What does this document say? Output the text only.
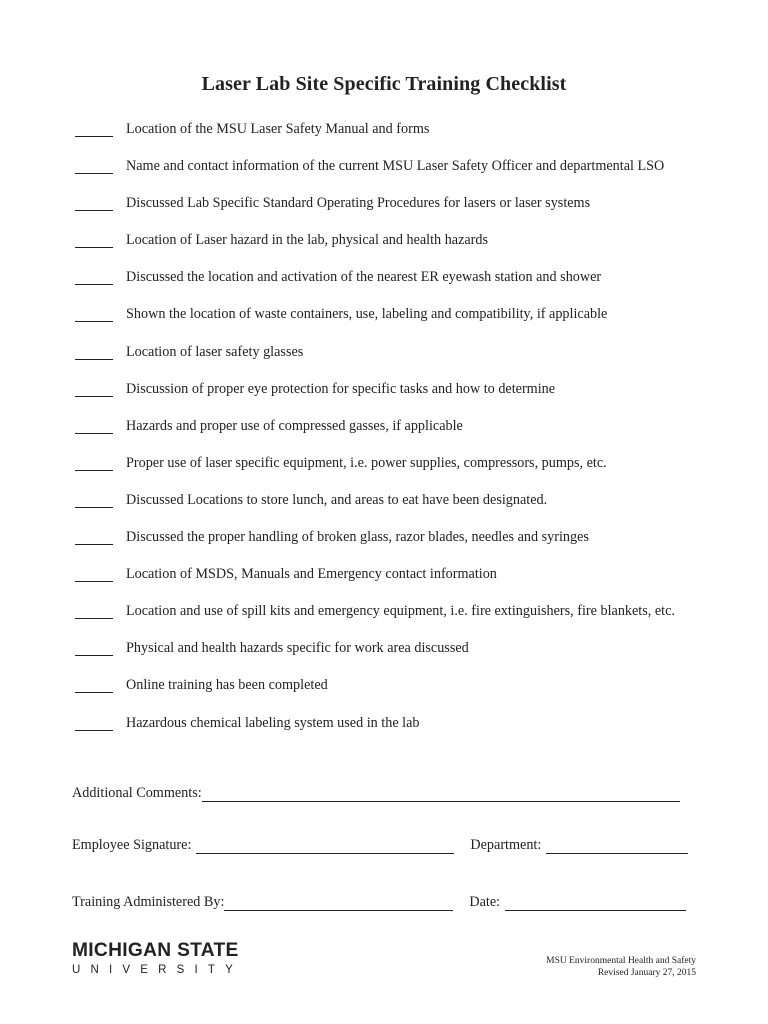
Laser Lab Site Specific Training Checklist
Location of the MSU Laser Safety Manual and forms
Name and contact information of the current MSU Laser Safety Officer and departmental LSO
Discussed Lab Specific Standard Operating Procedures for lasers or laser systems
Location of Laser hazard in the lab, physical and health hazards
Discussed the location and activation of the nearest ER eyewash station and shower
Shown the location of waste containers, use, labeling and compatibility, if applicable
Location of laser safety glasses
Discussion of proper eye protection for specific tasks and how to determine
Hazards and proper use of compressed gasses, if applicable
Proper use of laser specific equipment, i.e. power supplies, compressors, pumps, etc.
Discussed Locations to store lunch, and areas to eat have been designated.
Discussed the proper handling of broken glass, razor blades, needles and syringes
Location of MSDS, Manuals and Emergency contact information
Location and use of spill kits and emergency equipment, i.e. fire extinguishers, fire blankets, etc.
Physical and health hazards specific for work area discussed
Online training has been completed
Hazardous chemical labeling system used in the lab
Additional Comments:
Employee Signature:	Department:
Training Administered By:	Date:
MICHIGAN STATE
UNIVERSITY
MSU Environmental Health and Safety
Revised January 27, 2015
